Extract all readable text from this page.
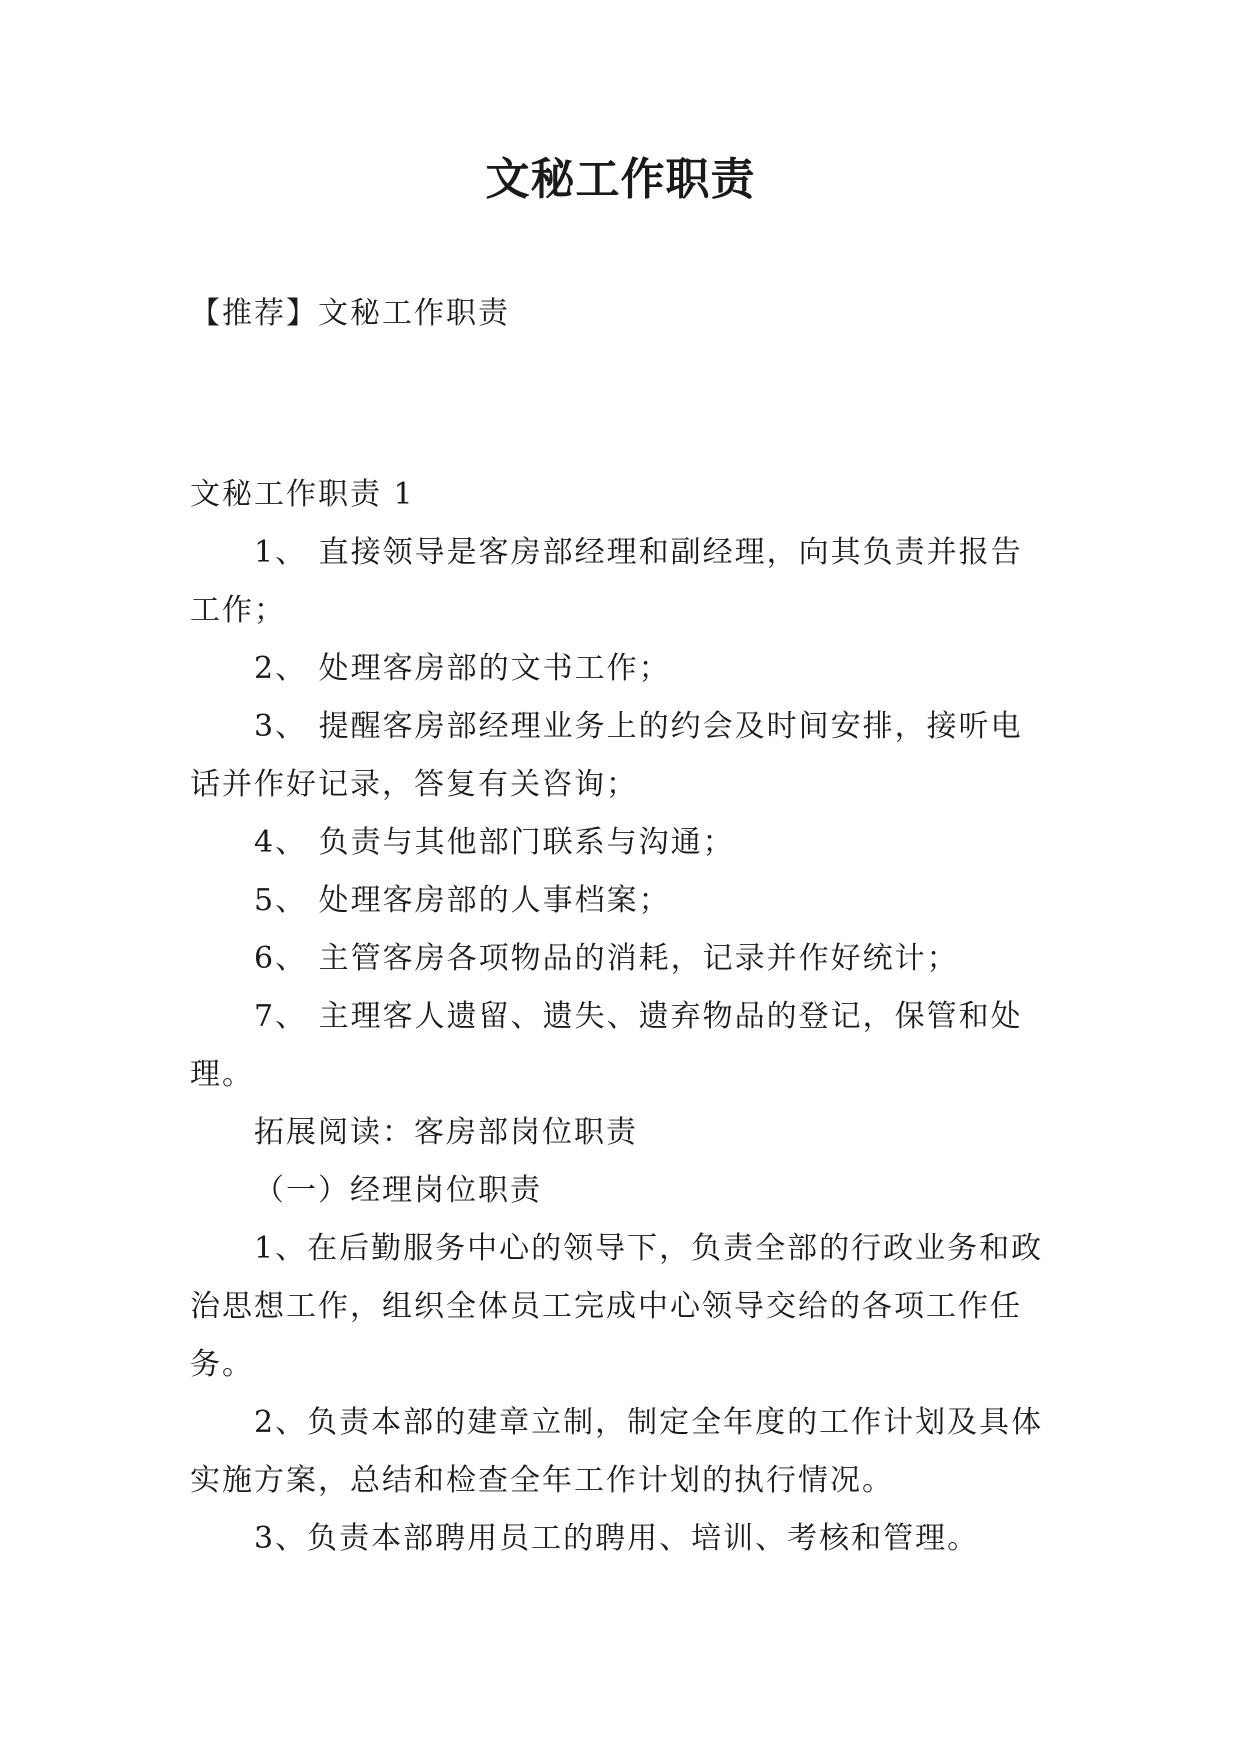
文秘工作职责
【推荐】文秘工作职责

文秘工作职责 1

1、 直接领导是客房部经理和副经理，向其负责并报告工作；

2、 处理客房部的文书工作；

3、 提醒客房部经理业务上的约会及时间安排，接听电话并作好记录，答复有关咨询；

4、 负责与其他部门联系与沟通；

5、 处理客房部的人事档案；

6、 主管客房各项物品的消耗，记录并作好统计；

7、 主理客人遗留、遗失、遗弃物品的登记，保管和处理。

拓展阅读：客房部岗位职责

（一）经理岗位职责

1、在后勤服务中心的领导下，负责全部的行政业务和政治思想工作，组织全体员工完成中心领导交给的各项工作任务。

2、负责本部的建章立制，制定全年度的工作计划及具体实施方案，总结和检查全年工作计划的执行情况。

3、负责本部聘用员工的聘用、培训、考核和管理。
